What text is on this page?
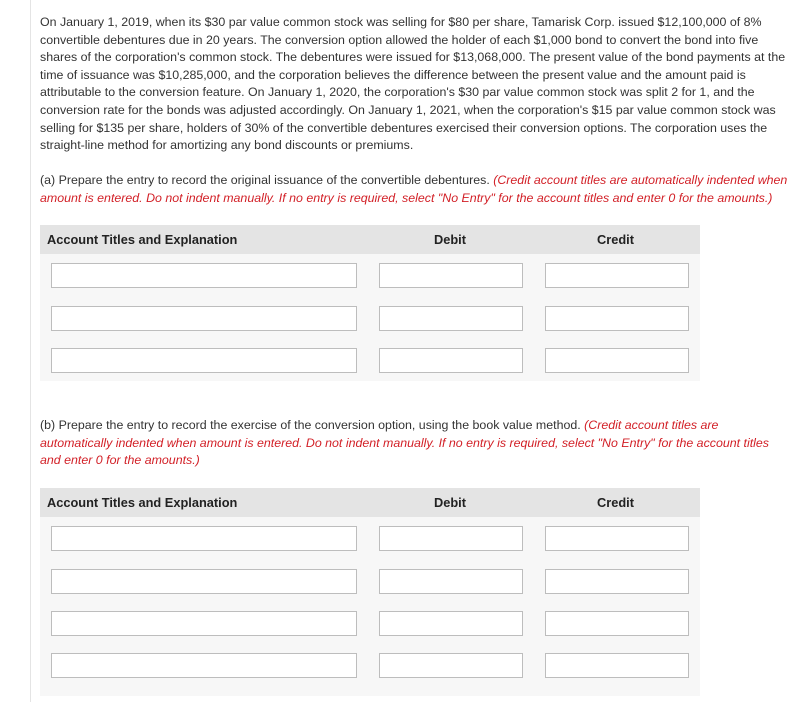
On January 1, 2019, when its $30 par value common stock was selling for $80 per share, Tamarisk Corp. issued $12,100,000 of 8% convertible debentures due in 20 years. The conversion option allowed the holder of each $1,000 bond to convert the bond into five shares of the corporation's common stock. The debentures were issued for $13,068,000. The present value of the bond payments at the time of issuance was $10,285,000, and the corporation believes the difference between the present value and the amount paid is attributable to the conversion feature. On January 1, 2020, the corporation's $30 par value common stock was split 2 for 1, and the conversion rate for the bonds was adjusted accordingly. On January 1, 2021, when the corporation's $15 par value common stock was selling for $135 per share, holders of 30% of the convertible debentures exercised their conversion options. The corporation uses the straight-line method for amortizing any bond discounts or premiums.
(a) Prepare the entry to record the original issuance of the convertible debentures. (Credit account titles are automatically indented when amount is entered. Do not indent manually. If no entry is required, select "No Entry" for the account titles and enter 0 for the amounts.)
Account Titles and Explanation	Debit	Credit
(b) Prepare the entry to record the exercise of the conversion option, using the book value method. (Credit account titles are automatically indented when amount is entered. Do not indent manually. If no entry is required, select "No Entry" for the account titles and enter 0 for the amounts.)
Account Titles and Explanation	Debit	Credit
